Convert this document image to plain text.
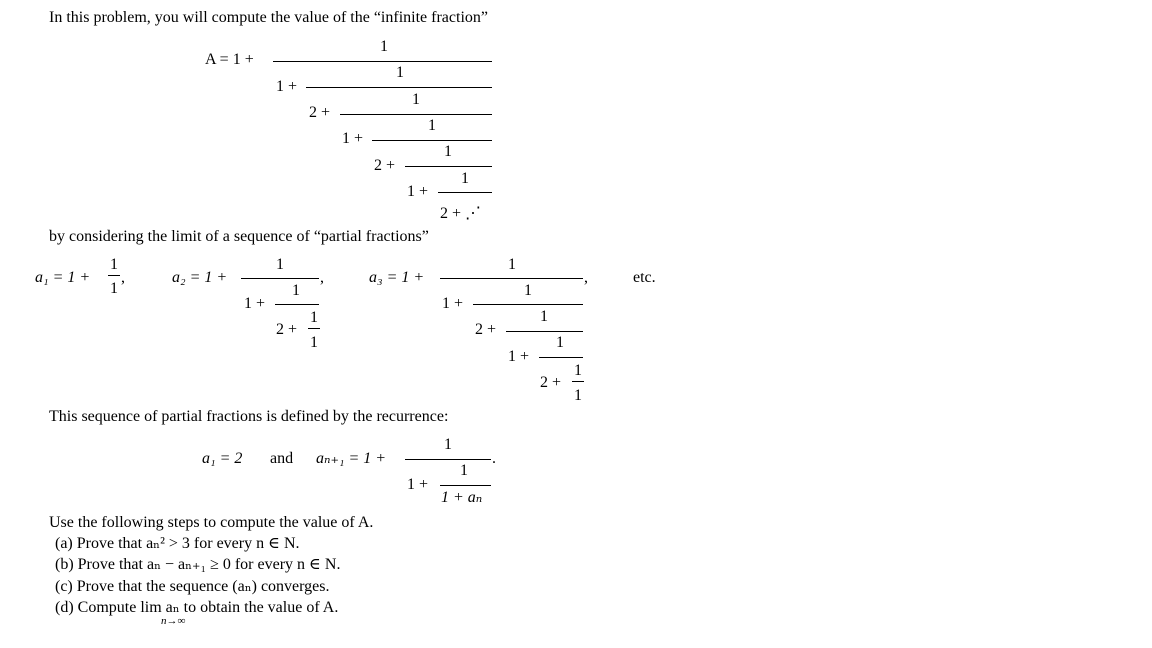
In this problem, you will compute the value of the “infinite fraction”
A = 1 +
1
1 +
1
2 +
1
1 +
1
2 +
1
1 +
1
2 + ⋰
by considering the limit of a sequence of “partial fractions”
a₁ = 1 +
1
1
,	a₂ = 1 +
1
,
1 +
1
2 +
1
1
a₃ = 1 +
1
,
1 +
1
2 +
1
1 +
1
2 +
1
1
etc.
This sequence of partial fractions is defined by the recurrence:
a₁ = 2 and aₙ₊₁ = 1 +
1
.
1 +
1
1 + aₙ
Use the following steps to compute the value of A.
(a) Prove that aₙ² > 3 for every n ∈ N.
(b) Prove that aₙ − aₙ₊₁ ≥ 0 for every n ∈ N.
(c) Prove that the sequence (aₙ) converges.
(d) Compute lim aₙ to obtain the value of A.
n→∞
